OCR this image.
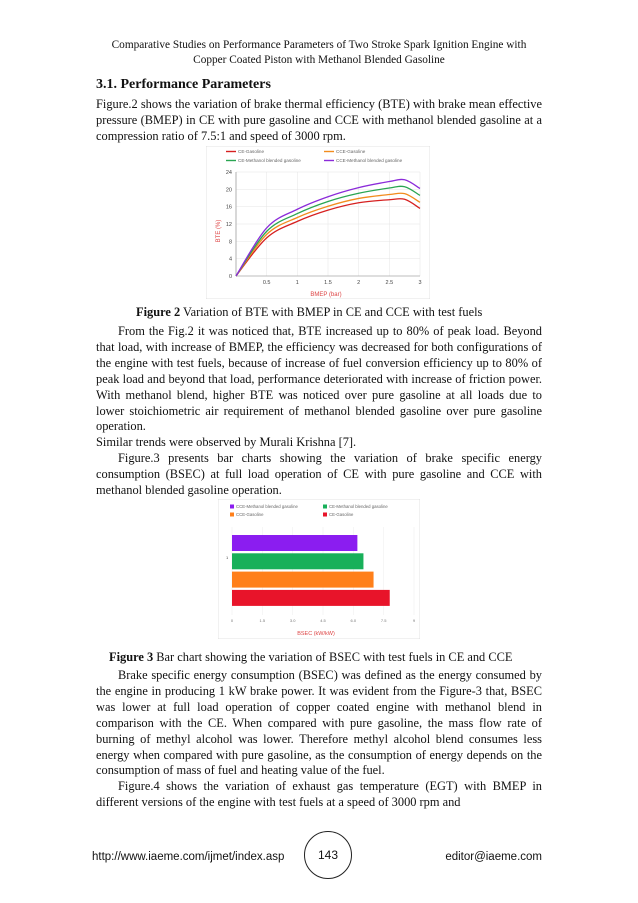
Comparative Studies on Performance Parameters of Two Stroke Spark Ignition Engine with
Copper Coated Piston with Methanol Blended Gasoline
3.1. Performance Parameters

Figure.2 shows the variation of brake thermal efficiency (BTE) with brake mean effective pressure (BMEP) in CE with pure gasoline and CCE with methanol blended gasoline at a compression ratio of 7.5:1 and speed of 3000 rpm.

0
4
8
12
16
20
24
0.5	1	1.5	2	2.5	3
CE-Gasoline	CCE-Gasoline
CE-Methanol blended gasoline	CCE-Methanol blended gasoline
BTE (%)
BMEP (bar)
Figure 2 Variation of BTE with BMEP in CE and CCE with test fuels

From the Fig.2 it was noticed that, BTE increased up to 80% of peak load. Beyond that load, with increase of BMEP, the efficiency was decreased for both configurations of the engine with test fuels, because of increase of fuel conversion efficiency up to 80% of peak load and beyond that load, performance deteriorated with increase of friction power. With methanol blend, higher BTE was noticed over pure gasoline at all loads due to lower stoichiometric air requirement of methanol blended gasoline over pure gasoline operation.

Similar trends were observed by Murali Krishna [7].

Figure.3 presents bar charts showing the variation of brake specific energy consumption (BSEC) at full load operation of CE with pure gasoline and CCE with methanol blended gasoline operation.

CCE-Methanol blended gasoline	CE-Methanol blended gasoline
CCE-Gasoline	CE-Gasoline
0	1.5	3.0	4.5	6.0	7.5	9
1
BSEC (kW/kW)
Figure 3 Bar chart showing the variation of BSEC with test fuels in CE and CCE

Brake specific energy consumption (BSEC) was defined as the energy consumed by the engine in producing 1 kW brake power. It was evident from the Figure-3 that, BSEC was lower at full load operation of copper coated engine with methanol blend in comparison with the CE. When compared with pure gasoline, the mass flow rate of burning of methyl alcohol was lower. Therefore methyl alcohol blend consumes less energy when compared with pure gasoline, as the consumption of energy depends on the consumption of mass of fuel and heating value of the fuel.

Figure.4 shows the variation of exhaust gas temperature (EGT) with BMEP in different versions of the engine with test fuels at a speed of 3000 rpm and

http://www.iaeme.com/ijmet/index.asp	143	editor@iaeme.com
